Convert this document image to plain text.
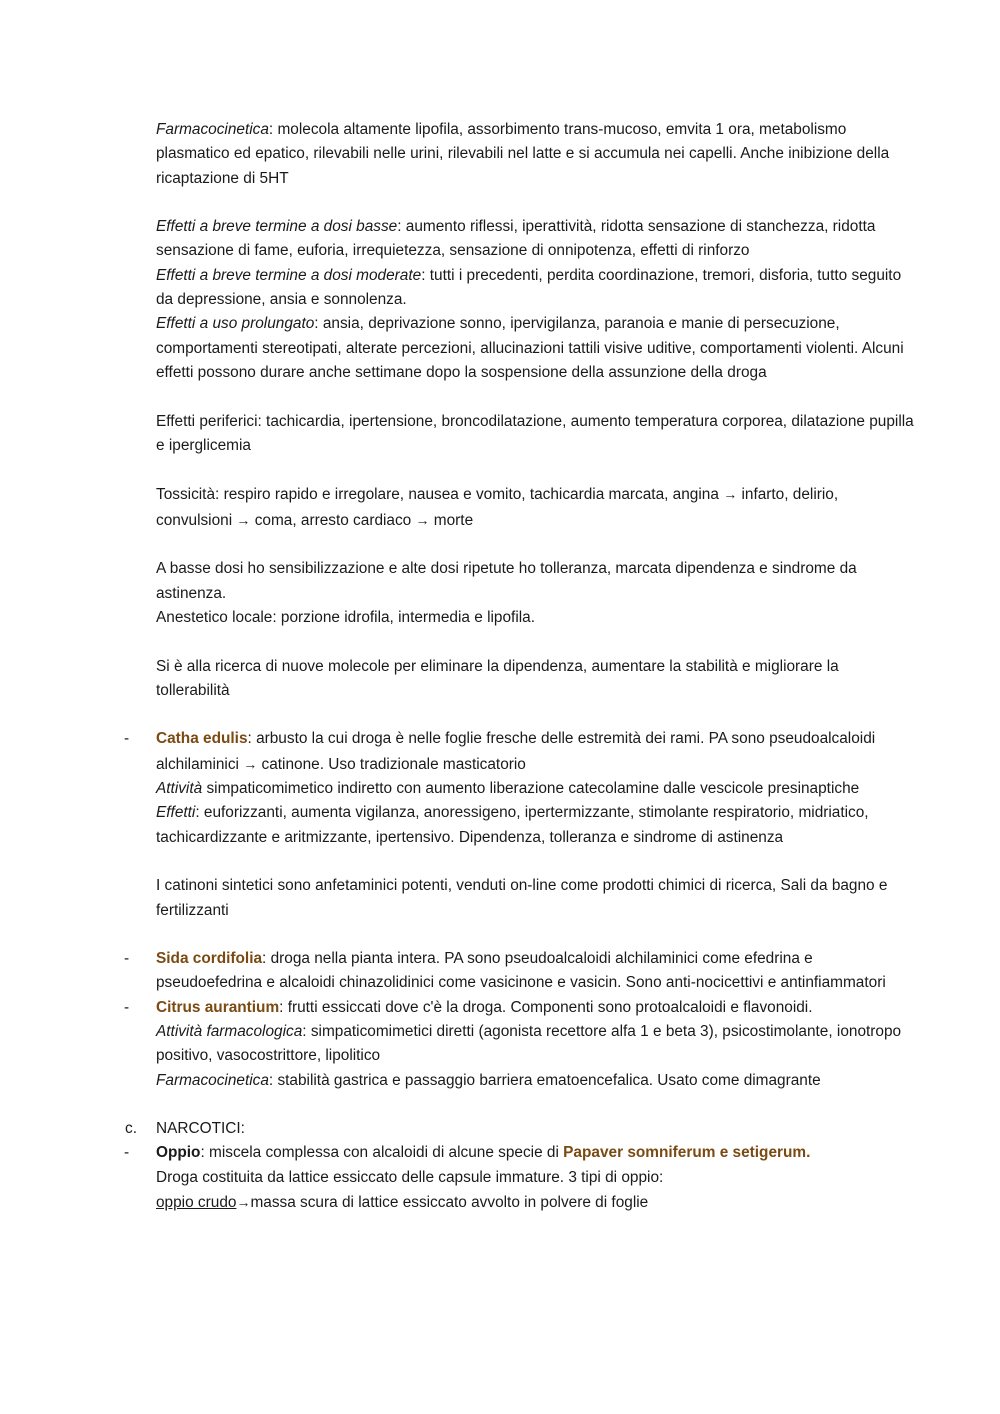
Farmacocinetica: molecola altamente lipofila, assorbimento trans-mucoso, emvita 1 ora, metabolismo plasmatico ed epatico, rilevabili nelle urini, rilevabili nel latte e si accumula nei capelli. Anche inibizione della ricaptazione di 5HT

Effetti a breve termine a dosi basse: aumento riflessi, iperattività, ridotta sensazione di stanchezza, ridotta sensazione di fame, euforia, irrequietezza, sensazione di onnipotenza, effetti di rinforzo

Effetti a breve termine a dosi moderate: tutti i precedenti, perdita coordinazione, tremori, disforia, tutto seguito da depressione, ansia e sonnolenza.

Effetti a uso prolungato: ansia, deprivazione sonno, ipervigilanza, paranoia e manie di persecuzione, comportamenti stereotipati, alterate percezioni, allucinazioni tattili visive uditive, comportamenti violenti. Alcuni effetti possono durare anche settimane dopo la sospensione della assunzione della droga

Effetti periferici: tachicardia, ipertensione, broncodilatazione, aumento temperatura corporea, dilatazione pupilla e iperglicemia

Tossicità: respiro rapido e irregolare, nausea e vomito, tachicardia marcata, angina → infarto, delirio, convulsioni → coma, arresto cardiaco → morte

A basse dosi ho sensibilizzazione e alte dosi ripetute ho tolleranza, marcata dipendenza e sindrome da astinenza.

Anestetico locale: porzione idrofila, intermedia e lipofila.

Si è alla ricerca di nuove molecole per eliminare la dipendenza, aumentare la stabilità e migliorare la tollerabilità

- Catha edulis: arbusto la cui droga è nelle foglie fresche delle estremità dei rami. PA sono pseudoalcaloidi alchilaminici → catinone. Uso tradizionale masticatorio

Attività simpaticomimetico indiretto con aumento liberazione catecolamine dalle vescicole presinaptiche

Effetti: euforizzanti, aumenta vigilanza, anoressigeno, ipertermizzante, stimolante respiratorio, midriatico, tachicardizzante e aritmizzante, ipertensivo. Dipendenza, tolleranza e sindrome di astinenza

I catinoni sintetici sono anfetaminici potenti, venduti on-line come prodotti chimici di ricerca, Sali da bagno e fertilizzanti

- Sida cordifolia: droga nella pianta intera. PA sono pseudoalcaloidi alchilaminici come efedrina e pseudoefedrina e alcaloidi chinazolidinici come vasicinone e vasicin. Sono anti-nocicettivi e antinfiammatori

- Citrus aurantium: frutti essiccati dove c'è la droga. Componenti sono protoalcaloidi e flavonoidi.

Attività farmacologica: simpaticomimetici diretti (agonista recettore alfa 1 e beta 3), psicostimolante, ionotropo positivo, vasocostrittore, lipolitico

Farmacocinetica: stabilità gastrica e passaggio barriera ematoencefalica. Usato come dimagrante

c. NARCOTICI:

- Oppio: miscela complessa con alcaloidi di alcune specie di Papaver somniferum e setigerum.

Droga costituita da lattice essiccato delle capsule immature. 3 tipi di oppio:

oppio crudo→massa scura di lattice essiccato avvolto in polvere di foglie
